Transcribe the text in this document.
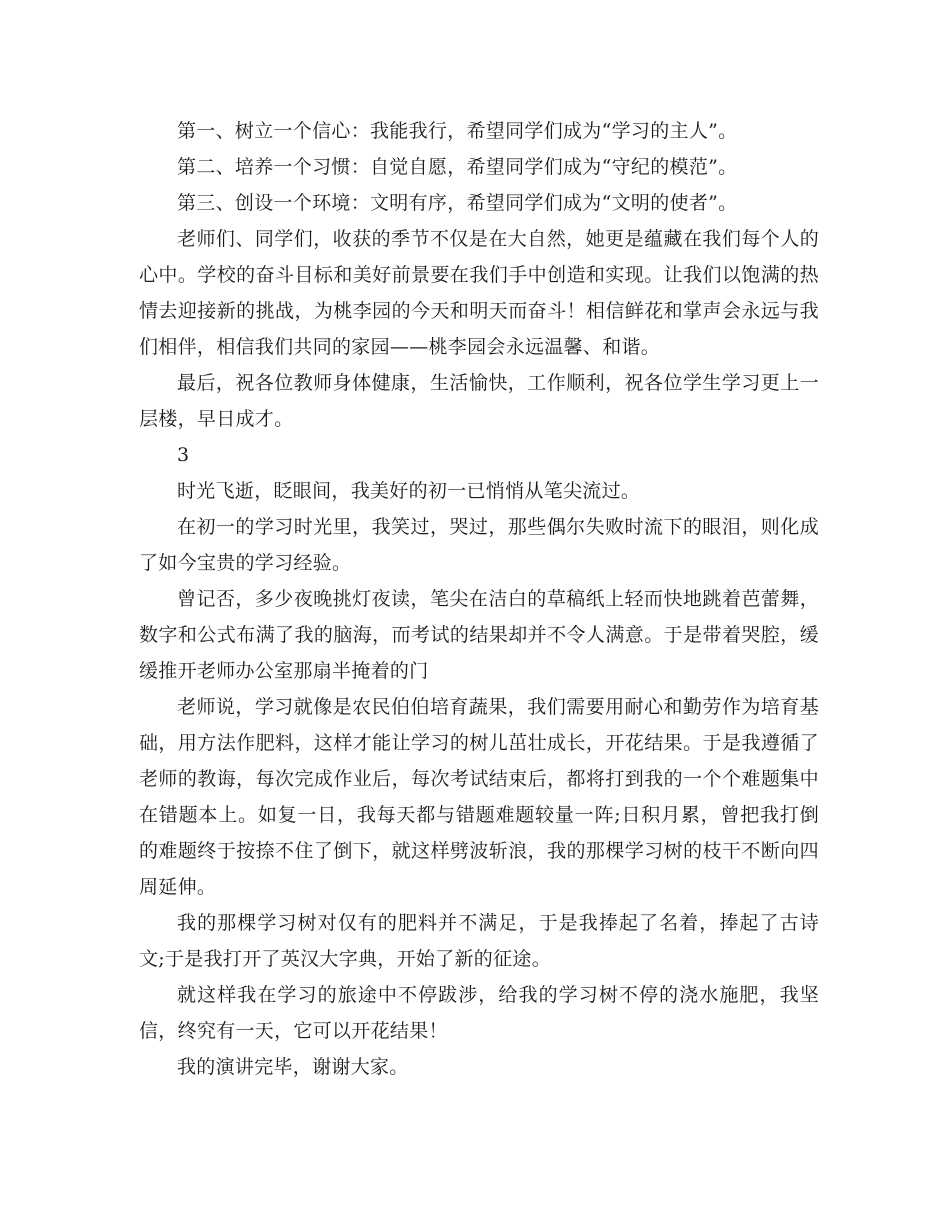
第一、树立一个信心：我能我行，希望同学们成为“学习的主人”。

第二、培养一个习惯：自觉自愿，希望同学们成为“守纪的模范”。

第三、创设一个环境：文明有序，希望同学们成为“文明的使者”。

老师们、同学们，收获的季节不仅是在大自然，她更是蕴藏在我们每个人的心中。学校的奋斗目标和美好前景要在我们手中创造和实现。让我们以饱满的热情去迎接新的挑战，为桃李园的今天和明天而奋斗！相信鲜花和掌声会永远与我们相伴，相信我们共同的家园——桃李园会永远温馨、和谐。

最后，祝各位教师身体健康，生活愉快，工作顺利，祝各位学生学习更上一层楼，早日成才。

3

时光飞逝，眨眼间，我美好的初一已悄悄从笔尖流过。

在初一的学习时光里，我笑过，哭过，那些偶尔失败时流下的眼泪，则化成了如今宝贵的学习经验。

曾记否，多少夜晚挑灯夜读，笔尖在洁白的草稿纸上轻而快地跳着芭蕾舞，数字和公式布满了我的脑海，而考试的结果却并不令人满意。于是带着哭腔，缓缓推开老师办公室那扇半掩着的门

老师说，学习就像是农民伯伯培育蔬果，我们需要用耐心和勤劳作为培育基础，用方法作肥料，这样才能让学习的树儿茁壮成长，开花结果。于是我遵循了老师的教诲，每次完成作业后，每次考试结束后，都将打到我的一个个难题集中在错题本上。如复一日，我每天都与错题难题较量一阵;日积月累，曾把我打倒的难题终于按捺不住了倒下，就这样劈波斩浪，我的那棵学习树的枝干不断向四周延伸。

我的那棵学习树对仅有的肥料并不满足，于是我捧起了名着，捧起了古诗文;于是我打开了英汉大字典，开始了新的征途。

就这样我在学习的旅途中不停跋涉，给我的学习树不停的浇水施肥，我坚信，终究有一天，它可以开花结果！

我的演讲完毕，谢谢大家。
